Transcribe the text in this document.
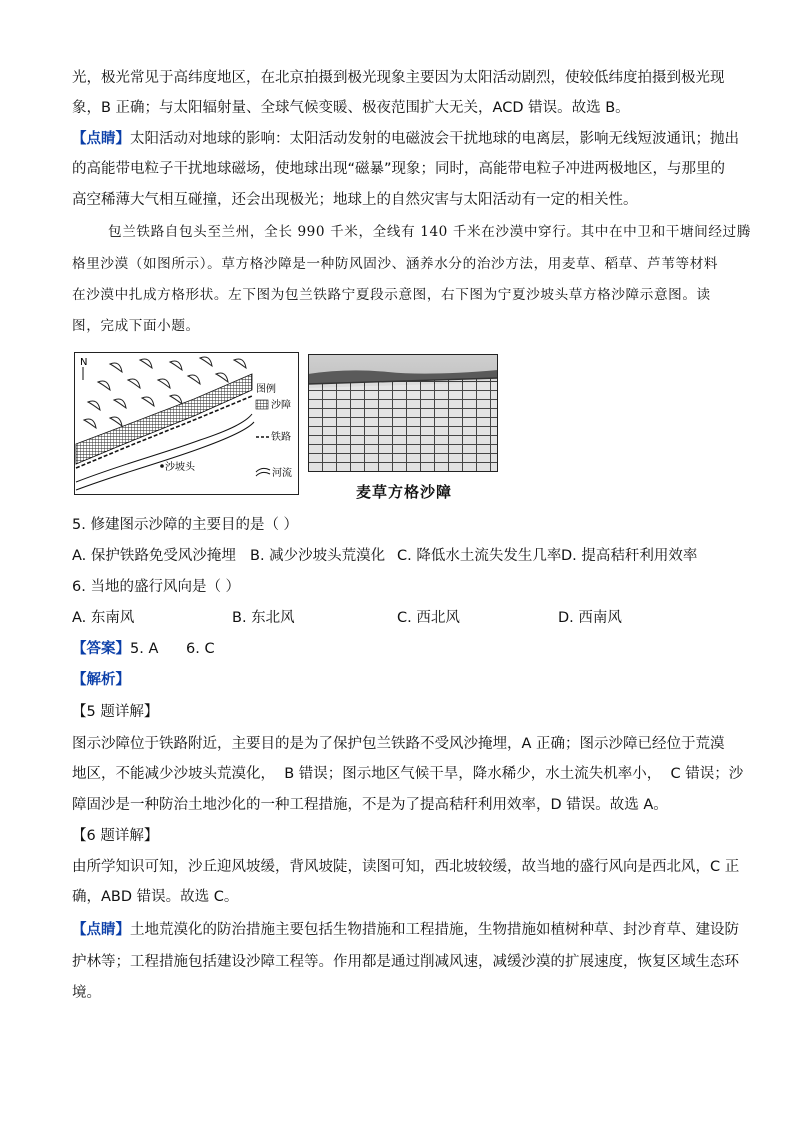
光，极光常见于高纬度地区，在北京拍摄到极光现象主要因为太阳活动剧烈，使较低纬度拍摄到极光现
象，B 正确；与太阳辐射量、全球气候变暖、极夜范围扩大无关，ACD 错误。故选 B。
【点睛】太阳活动对地球的影响：太阳活动发射的电磁波会干扰地球的电离层，影响无线短波通讯；抛出
的高能带电粒子干扰地球磁场，使地球出现“磁暴”现象；同时，高能带电粒子冲进两极地区，与那里的
高空稀薄大气相互碰撞，还会出现极光；地球上的自然灾害与太阳活动有一定的相关性。
包兰铁路自包头至兰州，全长 990 千米，全线有 140 千米在沙漠中穿行。其中在中卫和干塘间经过腾
格里沙漠（如图所示）。草方格沙障是一种防风固沙、涵养水分的治沙方法，用麦草、稻草、芦苇等材料
在沙漠中扎成方格形状。左下图为包兰铁路宁夏段示意图，右下图为宁夏沙坡头草方格沙障示意图。读
图，完成下面小题。
N
沙坡头
图例
沙障
铁路
河流
麦草方格沙障
5. 修建图示沙障的主要目的是（ ）
A. 保护铁路免受风沙掩埋 B. 减少沙坡头荒漠化 C. 降低水土流失发生几率 D. 提高秸秆利用效率
6. 当地的盛行风向是（ ）
A. 东南风	B. 东北风	C. 西北风	D. 西南风
【答案】5. A      6. C
【解析】
【5 题详解】
图示沙障位于铁路附近，主要目的是为了保护包兰铁路不受风沙掩埋，A 正确；图示沙障已经位于荒漠
地区，不能减少沙坡头荒漠化，  B 错误；图示地区气候干旱，降水稀少，水土流失机率小，  C 错误；沙
障固沙是一种防治土地沙化的一种工程措施，不是为了提高秸秆利用效率，D 错误。故选 A。
【6 题详解】
由所学知识可知，沙丘迎风坡缓，背风坡陡，读图可知，西北坡较缓，故当地的盛行风向是西北风，C 正
确，ABD 错误。故选 C。
【点睛】土地荒漠化的防治措施主要包括生物措施和工程措施，生物措施如植树种草、封沙育草、建设防
护林等；工程措施包括建设沙障工程等。作用都是通过削减风速，减缓沙漠的扩展速度，恢复区域生态环
境。
